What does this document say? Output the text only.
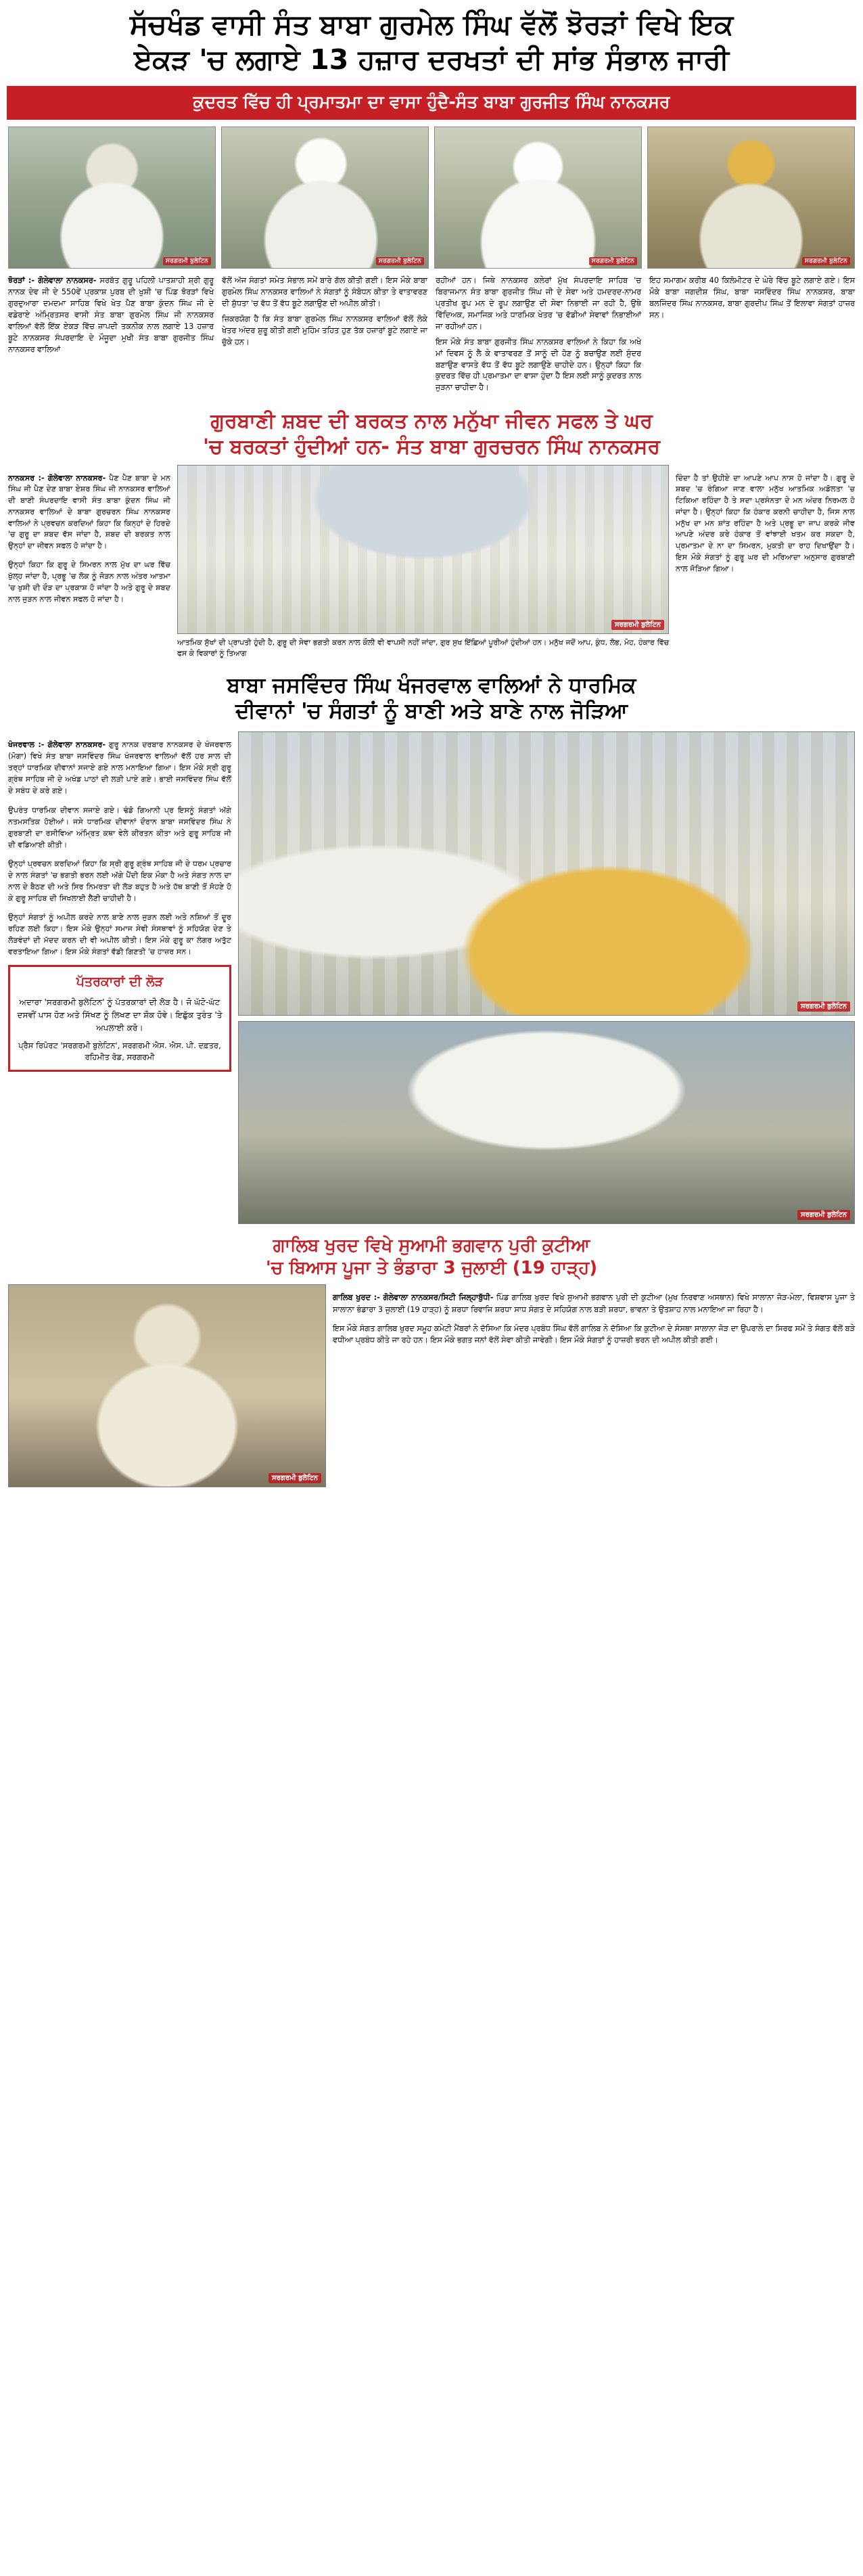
ਸੱਚਖੰਡ ਵਾਸੀ ਸੰਤ ਬਾਬਾ ਗੁਰਮੇਲ ਸਿੰਘ ਵੱਲੋਂ ਝੋਰੜਾਂ ਵਿਖੇ ਇਕ
ਏਕੜ 'ਚ ਲਗਾਏ 13 ਹਜ਼ਾਰ ਦਰਖਤਾਂ ਦੀ ਸਾਂਭ ਸੰਭਾਲ ਜਾਰੀ
ਕੁਦਰਤ ਵਿੱਚ ਹੀ ਪ੍ਰਮਾਤਮਾ ਦਾ ਵਾਸਾ ਹੁੰਦੈ-ਸੰਤ ਬਾਬਾ ਗੁਰਜੀਤ ਸਿੰਘ ਨਾਨਕਸਰ
ਸਰਗਰਮੀ ਬੁਲੇਟਿਨ	ਸਰਗਰਮੀ ਬੁਲੇਟਿਨ	ਸਰਗਰਮੀ ਬੁਲੇਟਿਨ	ਸਰਗਰਮੀ ਬੁਲੇਟਿਨ

ਝੋਰੜਾਂ :- ਗੋਲੇਵਾਲਾ ਨਾਨਕਸਰ- ਸਰਬੱਤ ਗੁਰੂ ਪਹਿਲੀ ਪਾਤਸ਼ਾਹੀ ਸ਼੍ਰੀ ਗੁਰੂ ਨਾਨਕ ਦੇਵ ਜੀ ਦੇ 550ਵੇਂ ਪ੍ਰਕਾਸ਼ ਪੁਰਬ ਦੀ ਖੁਸ਼ੀ 'ਚ ਪਿੰਡ ਝੋਰੜਾਂ ਵਿਖੇ ਗੁਰਦੁਆਰਾ ਦਮਦਮਾ ਸਾਹਿਬ ਵਿਖੇ ਖੇਤ ਪੈਣ ਬਾਬਾ ਕੁੰਦਨ ਸਿੰਘ ਜੀ ਦੇ ਵਡੇਰਾਏ ਅੰਮ੍ਰਿਤਸਰ ਵਾਸੀ ਸੰਤ ਬਾਬਾ ਗੁਰਮੇਲ ਸਿੰਘ ਜੀ ਨਾਨਕਸਰ ਵਾਲਿਆਂ ਵੱਲੋਂ ਇੱਕ ਏਕੜ ਵਿੱਚ ਜ਼ਾਪਦੀ ਤਕਨੀਕ ਨਾਲ ਲਗਾਏ 13 ਹਜ਼ਾਰ ਬੂਟੇ ਨਾਨਕਸਰ ਸੰਪਰਦਾਇ ਦੇ ਮੌਜੂਦਾ ਮੁਖੀ ਸੰਤ ਬਾਬਾ ਗੁਰਜੀਤ ਸਿੰਘ ਨਾਨਕਸਰ ਵਾਲਿਆਂ

ਵੱਲੋਂ ਅੱਜ ਸੰਗਤਾਂ ਸਮੇਤ ਸੰਭਾਲ ਸਮੇਂ ਬਾਰੇ ਗੱਲ ਕੀਤੀ ਗਈ। ਇਸ ਮੌਕੇ ਬਾਬਾ ਗੁਰਮੇਲ ਸਿੰਘ ਨਾਨਕਸਰ ਵਾਲਿਆਂ ਨੇ ਸੰਗਤਾਂ ਨੂੰ ਸੰਬੋਧਨ ਕੀਤਾ ਤੇ ਵਾਤਾਵਰਣ ਦੀ ਸ਼ੁੱਧਤਾ 'ਚ ਵੱਧ ਤੋਂ ਵੱਧ ਬੂਟੇ ਲਗਾਉਣ ਦੀ ਅਪੀਲ ਕੀਤੀ।

ਜ਼ਿਕਰਯੋਗ ਹੈ ਕਿ ਸੰਤ ਬਾਬਾ ਗੁਰਮੇਲ ਸਿੰਘ ਨਾਨਕਸਰ ਵਾਲਿਆਂ ਵੱਲੋਂ ਲੋਕੇ ਖੇਤਰ ਅੰਦਰ ਸ਼ੁਰੂ ਕੀਤੀ ਗਈ ਮੁਹਿੰਮ ਤਹਿਤ ਹੁਣ ਤੱਕ ਹਜ਼ਾਰਾਂ ਬੂਟੇ ਲਗਾਏ ਜਾ ਚੁੱਕੇ ਹਨ।

ਰਹੀਆਂ ਹਨ। ਜਿਥੇ ਨਾਨਕਸਰ ਕਲੇਰਾਂ ਮੁੱਖ ਸੰਪਰਦਾਇ ਸਾਹਿਬ 'ਚ ਬਿਰਾਜਮਾਨ ਸੰਤ ਬਾਬਾ ਗੁਰਜੀਤ ਸਿੰਘ ਜੀ ਦੇ ਸੇਵਾ ਅਤੇ ਹਮਦਰਦ-ਨਾਮਰ ਪ੍ਰਤੀਖ ਰੂਪ ਮਨ ਦੇ ਰੂਪ ਲਗਾਉਣ ਦੀ ਸੇਵਾ ਨਿਭਾਈ ਜਾ ਰਹੀ ਹੈ, ਉਥੇ ਵਿੱਦਿਅਕ, ਸਮਾਜਿਕ ਅਤੇ ਧਾਰਮਿਕ ਖੇਤਰ 'ਚ ਵੱਡੀਆਂ ਸੇਵਾਵਾਂ ਨਿਭਾਈਆਂ ਜਾ ਰਹੀਆਂ ਹਨ।

ਇਸ ਮੌਕੇ ਸੰਤ ਬਾਬਾ ਗੁਰਜੀਤ ਸਿੰਘ ਨਾਨਕਸਰ ਵਾਲਿਆਂ ਨੇ ਕਿਹਾ ਕਿ ਅਖੇ ਮਾਂ ਦਿਵਸ ਨੂੰ ਲੈ ਕੇ ਵਾਤਾਵਰਣ ਤੋਂ ਸਾਨੂੰ ਦੀ ਹੋਣ ਨੂੰ ਬਚਾਉਣ ਲਈ ਸੁੰਦਰ ਬਣਾਉਣ ਵਾਸਤੇ ਵੱਧ ਤੋਂ ਵੱਧ ਬੂਟੇ ਲਗਾਉਣੇ ਚਾਹੀਦੇ ਹਨ। ਉਨ੍ਹਾਂ ਕਿਹਾ ਕਿ ਕੁਦਰਤ ਵਿੱਚ ਹੀ ਪ੍ਰਮਾਤਮਾ ਦਾ ਵਾਸਾ ਹੁੰਦਾ ਹੈ ਇਸ ਲਈ ਸਾਨੂੰ ਕੁਦਰਤ ਨਾਲ ਜੁੜਨਾ ਚਾਹੀਦਾ ਹੈ।

ਇਹ ਸਮਾਗਮ ਕਰੀਬ 40 ਕਿਲੋਮੀਟਰ ਦੇ ਘੇਰੇ ਵਿੱਚ ਬੂਟੇ ਲਗਾਏ ਗਏ। ਇਸ ਮੌਕੇ ਬਾਬਾ ਜਗਦੀਸ਼ ਸਿੰਘ, ਬਾਬਾ ਜਸਵਿੰਦਰ ਸਿੰਘ ਨਾਨਕਸਰ, ਬਾਬਾ ਬਲਜਿੰਦਰ ਸਿੰਘ ਨਾਨਕਸਰ, ਬਾਬਾ ਗੁਰਦੀਪ ਸਿੰਘ ਤੋਂ ਇਲਾਵਾ ਸੰਗਤਾਂ ਹਾਜ਼ਰ ਸਨ।

ਗੁਰਬਾਣੀ ਸ਼ਬਦ ਦੀ ਬਰਕਤ ਨਾਲ ਮਨੁੱਖਾ ਜੀਵਨ ਸਫਲ ਤੇ ਘਰ
'ਚ ਬਰਕਤਾਂ ਹੁੰਦੀਆਂ ਹਨ- ਸੰਤ ਬਾਬਾ ਗੁਰਚਰਨ ਸਿੰਘ ਨਾਨਕਸਰ

ਨਾਨਕਸਰ :- ਗੋਲੇਵਾਲਾ ਨਾਨਕਸਰ- ਪੈਣ ਪੈਣ ਬਾਬਾ ਦੇ ਮਨ ਸਿੰਘ ਜੀ ਪੈਣ ਦੇਣ ਬਾਬਾ ਏਸ਼ਰ ਸਿੰਘ ਜੀ ਨਾਨਕਸਰ ਵਾਲਿਆਂ ਦੀ ਬਾਣੀ ਸੰਪਰਦਾਇ ਵਾਸੀ ਸੰਤ ਬਾਬਾ ਕੁੰਦਨ ਸਿੰਘ ਜੀ ਨਾਨਕਸਰ ਵਾਲਿਆਂ ਦੇ ਬਾਬਾ ਗੁਰਚਰਨ ਸਿੰਘ ਨਾਨਕਸਰ ਵਾਲਿਆਂ ਨੇ ਪ੍ਰਵਚਨ ਕਰਦਿਆਂ ਕਿਹਾ ਕਿ ਕਿਨ੍ਹਾਂ ਦੇ ਹਿਰਦੇ 'ਚ ਗੁਰੂ ਦਾ ਸ਼ਬਦ ਵੱਸ ਜਾਂਦਾ ਹੈ, ਸ਼ਬਦ ਦੀ ਬਰਕਤ ਨਾਲ ਉਨ੍ਹਾਂ ਦਾ ਜੀਵਨ ਸਫਲ ਹੋ ਜਾਂਦਾ ਹੈ।

ਉਨ੍ਹਾਂ ਕਿਹਾ ਕਿ ਗੁਰੂ ਦੇ ਸਿਮਰਨ ਨਾਲ ਮੁੱਖ ਦਾ ਘਰ ਵਿੱਚ ਖੁੱਲ੍ਹ ਜਾਂਦਾ ਹੈ, ਪ੍ਰਭੂ 'ਚ ਲੋਕ ਨੂੰ ਜੋੜਨ ਨਾਲ ਅੰਤਰ ਆਤਮਾ 'ਚ ਖੁਸ਼ੀ ਦੀ ਦੌੜ ਦਾ ਪ੍ਰਕਾਸ਼ ਹੋ ਜਾਂਦਾ ਹੈ ਅਤੇ ਗੁਰੂ ਦੇ ਸ਼ਬਦ ਨਾਲ ਜੁੜਨ ਨਾਲ ਜੀਵਨ ਸਫਲ ਹੋ ਜਾਂਦਾ ਹੈ।

ਸਰਗਰਮੀ ਬੁਲੇਟਿਨ
ਆਤਮਿਕ ਸੁੱਖਾਂ ਦੀ ਪ੍ਰਾਪਤੀ ਹੁੰਦੀ ਹੈ, ਗੁਰੂ ਦੀ ਸੇਵਾ ਭਗਤੀ ਕਰਨ ਨਾਲ ਕੌਲੀ ਵੀ ਵਾਪਸੀ ਨਹੀਂ ਜਾਂਦਾ, ਗੁਰ ਸੁਖ ਇੱਛਿਆਂ ਪੂਰੀਆਂ ਹੁੰਦੀਆਂ ਹਨ। ਮਨੁੱਖ ਜਦੋਂ ਆਪ, ਕੁੰਧ, ਲੋਭ, ਮੋਹ, ਹੰਕਾਰ ਵਿੱਚ ਫਸ ਕੇ ਵਿਕਾਰਾਂ ਨੂੰ ਤਿਆਗ

ਦਿੰਦਾ ਹੈ ਤਾਂ ਉਹੀਏ ਦਾ ਆਪਣੇ ਆਪ ਨਾਸ ਹੋ ਜਾਂਦਾ ਹੈ। ਗੁਰੂ ਦੇ ਸ਼ਬਦ 'ਚ ਰੰਗਿਆ ਜਾਣ ਵਾਲਾ ਮਨੁੱਖ ਆਤਮਿਕ ਅਡੋਲਤਾ 'ਚ ਟਿਕਿਆ ਰਹਿੰਦਾ ਹੈ ਤੇ ਸਦਾ ਪ੍ਰਸੰਨਤਾ ਦੇ ਮਨ ਅੰਦਰ ਨਿਰਮਲ ਹੋ ਜਾਂਦਾ ਹੈ। ਉਨ੍ਹਾਂ ਕਿਹਾ ਕਿ ਹੰਕਾਰ ਕਰਨੀ ਚਾਹੀਦਾ ਹੈ, ਜਿਸ ਨਾਲ ਮਨੁੱਖ ਦਾ ਮਨ ਸ਼ਾਂਤ ਰਹਿੰਦਾ ਹੈ ਅਤੇ ਪ੍ਰਭੂ ਦਾ ਜਾਪ ਕਰਕੇ ਜੀਵ ਆਪਣੇ ਅੰਦਰ ਕਰੇ ਹੰਕਾਰ ਤੋਂ ਵਾਂਝਾਈ ਖਤਮ ਕਰ ਸਕਦਾ ਹੈ, ਪ੍ਰਮਾਤਮਾ ਦੇ ਨਾ ਦਾ ਸਿਮਰਨ, ਮੁਕਤੀ ਦਾ ਰਾਹ ਦਿਖਾਉਂਦਾ ਹੈ। ਇਸ ਮੌਕੇ ਸੰਗਤਾਂ ਨੂੰ ਗੁਰੂ ਘਰ ਦੀ ਮਰਿਆਦਾ ਅਨੁਸਾਰ ਗੁਰਬਾਣੀ ਨਾਲ ਜੋੜਿਆ ਗਿਆ।

ਬਾਬਾ ਜਸਵਿੰਦਰ ਸਿੰਘ ਖੰਜਰਵਾਲ ਵਾਲਿਆਂ ਨੇ ਧਾਰਮਿਕ
ਦੀਵਾਨਾਂ 'ਚ ਸੰਗਤਾਂ ਨੂੰ ਬਾਣੀ ਅਤੇ ਬਾਣੇ ਨਾਲ ਜੋੜਿਆ

ਖੰਜਰਵਾਲ :- ਗੋਲੇਵਾਲਾ ਨਾਨਕਸਰ- ਗੁਰੂ ਨਾਨਕ ਦਰਬਾਰ ਨਾਨਕਸਰ ਦੇ ਖੰਜਰਵਾਲ (ਮੋਗਾ) ਵਿਖੇ ਸੰਤ ਬਾਬਾ ਜਸਵਿੰਦਰ ਸਿੰਘ ਖੰਜਰਵਾਲ ਵਾਲਿਆਂ ਵੱਲੋਂ ਹਰ ਸਾਲ ਦੀ ਤਰ੍ਹਾਂ ਧਾਰਮਿਕ ਦੀਵਾਨਾਂ ਸਜਾਏ ਗਏ ਨਾਲ ਮਨਾਇਆ ਗਿਆ। ਇਸ ਮੌਕੇ ਸ੍ਰੀ ਗੁਰੂ ਗ੍ਰੰਥ ਸਾਹਿਬ ਜੀ ਦੇ ਅਖੰਡ ਪਾਠਾਂ ਦੀ ਲੜੀ ਪਾਏ ਗਏ। ਭਾਈ ਜਸਵਿੰਦਰ ਸਿੰਘ ਵੱਲੋਂ ਦੇ ਸਬੰਧ ਦੇ ਕਰੇ ਗਏ।

ਉਪਰੰਤ ਧਾਰਮਿਕ ਦੀਵਾਨ ਸਜਾਏ ਗਏ। ਢੰਡੋ ਗਿਆਨੀ ਪ੍ਰ ਇਸਨੂੰ ਸੰਗਤਾਂ ਅੱਗੇ ਨਤਮਸਤਿਕ ਹੋਈਆਂ। ਜਸੇ ਧਾਰਮਿਕ ਦੀਵਾਨਾਂ ਦੌਰਾਨ ਬਾਬਾ ਜਸਵਿੰਦਰ ਸਿੰਘ ਨੇ ਗੁਰਬਾਣੀ ਦਾ ਰਸੀਵਿਆ ਅੰਮ੍ਰਿਤ ਕਥਾ ਵੇਲੇ ਕੀਰਤਨ ਕੀਤਾ ਅਤੇ ਗੁਰੂ ਸਾਹਿਬ ਜੀ ਦੀ ਵਡਿਆਈ ਕੀਤੀ।

ਉਨ੍ਹਾਂ ਪ੍ਰਵਚਨ ਕਰਦਿਆਂ ਕਿਹਾ ਕਿ ਸ੍ਰੀ ਗੁਰੂ ਗ੍ਰੰਥ ਸਾਹਿਬ ਜੀ ਦੇ ਧਰਮ ਪ੍ਰਚਾਰ ਦੇ ਨਾਲ ਸੰਗਤਾਂ 'ਚ ਭਗਤੀ ਭਰਨ ਲਈ ਅੱਗੇ ਪੈਂਦੀ ਇਕ ਮੌਕਾ ਹੈ ਅਤੇ ਸੰਗਤ ਨਾਲ ਦਾ ਨਾਲ ਦੇ ਬੈਠਣ ਦੀ ਅਤੇ ਸਿਰ ਨਿਮਰਤਾ ਦੀ ਲੋੜ ਬਹੁਤ ਹੈ ਅਤੇ ਹੱਥ ਬਾਣੀ ਤੋਂ ਸੋਹਣੇ ਹੋ ਕੇ ਗੁਰੂ ਸਾਹਿਬ ਦੀ ਸਿਖਲਾਈ ਲੈਣੀ ਚਾਹੀਦੀ ਹੈ।

ਉਨ੍ਹਾਂ ਸੰਗਤਾਂ ਨੂੰ ਅਪੀਲ ਕਰਦੇ ਨਾਲ ਬਾਣੇ ਨਾਲ ਜੁੜਨ ਲਈ ਅਤੇ ਨਸ਼ਿਆਂ ਤੋਂ ਦੂਰ ਰਹਿਣ ਲਈ ਕਿਹਾ। ਇਸ ਮੌਕੇ ਉਨ੍ਹਾਂ ਸਮਾਜ ਸੇਵੀ ਸੰਸਥਾਵਾਂ ਨੂੰ ਸਹਿਯੋਗ ਦੇਣ ਤੇ ਲੋੜਵੰਦਾਂ ਦੀ ਮੱਦਦ ਕਰਨ ਦੀ ਵੀ ਅਪੀਲ ਕੀਤੀ। ਇਸ ਮੌਕੇ ਗੁਰੂ ਕਾ ਲੰਗਰ ਅਤੁੱਟ ਵਰਤਾਇਆ ਗਿਆ। ਇਸ ਮੌਕੇ ਸੰਗਤਾਂ ਵੱਡੀ ਗਿਣਤੀ 'ਚ ਹਾਜ਼ਰ ਸਨ।

ਪੱਤਰਕਾਰਾਂ ਦੀ ਲੋੜ
ਅਦਾਰਾ 'ਸਰਗਰਮੀ ਬੁਲੇਟਿਨ' ਨੂੰ ਪੱਤਰਕਾਰਾਂ ਦੀ ਲੋੜ ਹੈ। ਜੋ ਘੱਟੋ-ਘੱਟ ਦਸਵੀਂ ਪਾਸ ਹੋਣ ਅਤੇ ਸਿੱਖਣ ਨੂੰ ਲਿਖਣ ਦਾ ਸ਼ੌਕ ਹੋਵੇ। ਇਛੁੱਕ ਤੁਰੰਤ 'ਤੇ ਅਪਲਾਈ ਕਰੋ।
ਪ੍ਰੈਸ ਰਿਪੋਰਟ 'ਸਰਗਰਮੀ ਬੁਲੇਟਿਨ', ਸਰਗਰਮੀ ਐਸ. ਐਸ. ਪੀ. ਦਫ਼ਤਰ, ਰਹਿਮੀਤ ਰੋਡ, ਸਰਗਰਮੀ
ਸਰਗਰਮੀ ਬੁਲੇਟਿਨ
ਸਰਗਰਮੀ ਬੁਲੇਟਿਨ
ਗਾਲਿਬ ਖੁਰਦ ਵਿਖੇ ਸੁਆਮੀ ਭਗਵਾਨ ਪੁਰੀ ਕੁਟੀਆ
'ਚ ਬਿਆਸ ਪੂਜਾ ਤੇ ਭੰਡਾਰਾ 3 ਜੁਲਾਈ (19 ਹਾੜ੍ਹ)
ਸਰਗਰਮੀ ਬੁਲੇਟਿਨ

ਗਾਲਿਬ ਖੁਰਦ :- ਗੋਲੇਵਾਲਾ ਨਾਨਕਸਰ/ਸਿਟੀ ਜਿਲ੍ਹਾਬੁੱਧੀ- ਪਿੰਡ ਗਾਲਿਬ ਖੁਰਦ ਵਿਖੇ ਸੁਆਮੀ ਭਗਵਾਨ ਪੁਰੀ ਦੀ ਕੁਟੀਆ (ਮੁਖ ਨਿਰਵਾਣ ਅਸਥਾਨ) ਵਿਖੇ ਸਾਲਾਨਾ ਜੋੜ-ਮੇਲਾ, ਵਿਸ਼ਵਾਸ ਪੂਜਾ ਤੇ ਸਾਲਾਨਾ ਭੰਡਾਰਾ 3 ਜੁਲਾਈ (19 ਹਾੜ੍ਹ) ਨੂੰ ਸ਼ਰਧਾ ਰਿਵਾਜਿ ਸ਼ਰਧਾ ਸਾਧ ਸੰਗਤ ਦੇ ਸਹਿਯੋਗ ਨਾਲ ਬੜੀ ਸ਼ਰਧਾ, ਭਾਵਨਾ ਤੇ ਉਤਸ਼ਾਹ ਨਾਲ ਮਨਾਇਆ ਜਾ ਰਿਹਾ ਹੈ।

ਇਸ ਮੌਕੇ ਸੰਗਤ ਗਾਲਿਬ ਖੁਰਦ ਸਮੂਹ ਕਮੇਟੀ ਮੈਂਬਰਾਂ ਨੇ ਦੱਸਿਆ ਕਿ ਮੰਦਰ ਪ੍ਰਬੰਧ ਸਿੰਘ ਵੱਲੋਂ ਗਾਲਿਬ ਨੇ ਦੱਸਿਆ ਕਿ ਕੁਟੀਆ ਦੇ ਸੰਸਥਾ ਸਾਲਾਨਾ ਜੋੜ ਦਾ ਉਪਰਾਲੇ ਦਾ ਸਿਰਫ ਸਮੇਂ ਤੇ ਸੰਗਤ ਵੱਲੋਂ ਬੜੇ ਵਧੀਆ ਪ੍ਰਬੰਧ ਕੀਤੇ ਜਾ ਰਹੇ ਹਨ। ਇਸ ਮੌਕੇ ਭਗਤ ਜਨਾਂ ਵੱਲੋਂ ਸੇਵਾ ਕੀਤੀ ਜਾਵੇਗੀ। ਇਸ ਮੌਕੇ ਸੰਗਤਾਂ ਨੂੰ ਹਾਜ਼ਰੀ ਭਰਨ ਦੀ ਅਪੀਲ ਕੀਤੀ ਗਈ।
